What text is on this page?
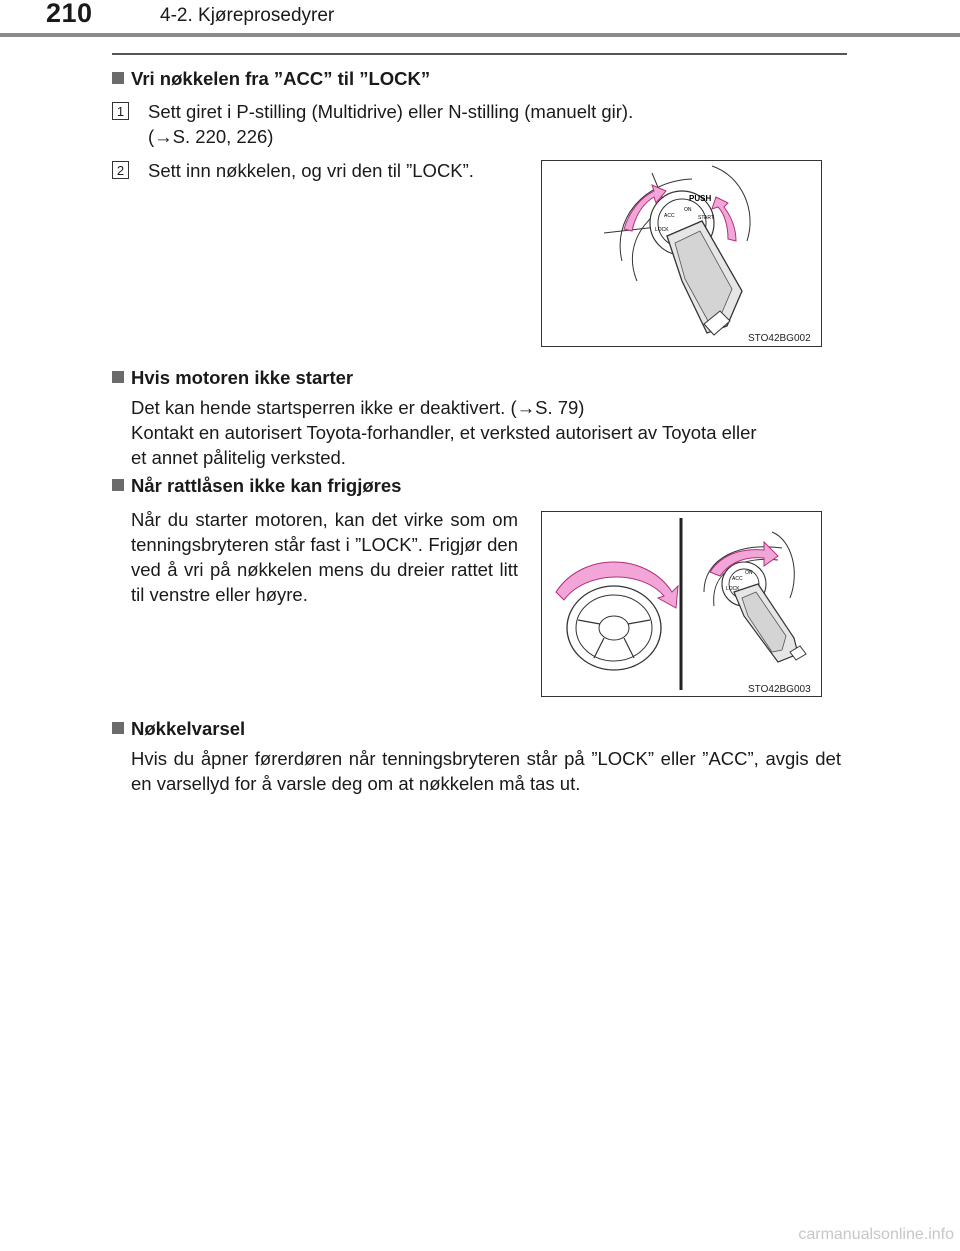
210	4-2. Kjøreprosedyrer
Vri nøkkelen fra ”ACC” til ”LOCK”
1 Sett giret i P-stilling (Multidrive) eller N-stilling (manuelt gir).
(→S. 220, 226)
2 Sett inn nøkkelen, og vri den til ”LOCK”.
PUSH
ACC
ON
START
LOCK
STO42BG002
Hvis motoren ikke starter
Det kan hende startsperren ikke er deaktivert. (→S. 79)
Kontakt en autorisert Toyota-forhandler, et verksted autorisert av Toyota eller
et annet pålitelig verksted.
Når rattlåsen ikke kan frigjøres
Når du starter motoren, kan det virke som om tenningsbryteren står fast i ”LOCK”. Frigjør den ved å vri på nøkkelen mens du dreier rattet litt til venstre eller høyre.
ACC
ON
LOCK
STO42BG003
Nøkkelvarsel
Hvis du åpner førerdøren når tenningsbryteren står på ”LOCK” eller ”ACC”, avgis det en varsellyd for å varsle deg om at nøkkelen må tas ut.
carmanualsonline.info
